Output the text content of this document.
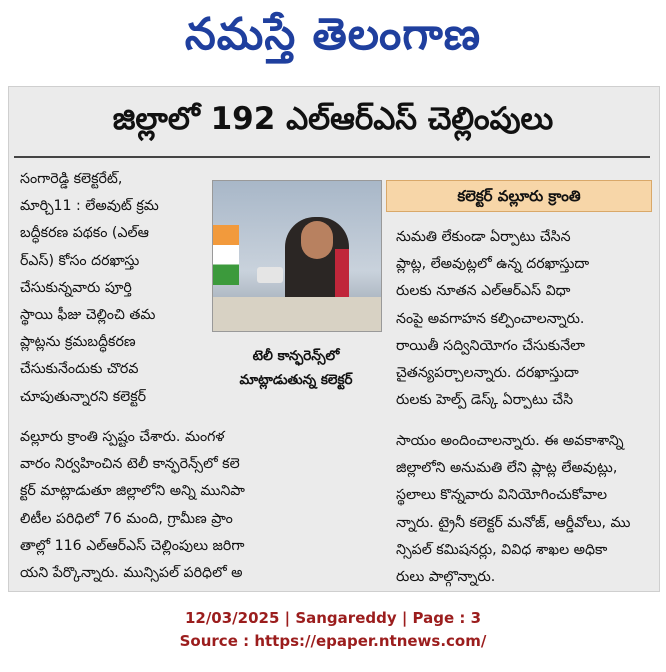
నమస్తే తెలంగాణ
జిల్లాలో 192 ఎల్ఆర్ఎస్ చెల్లింపులు
సంగారెడ్డి కలెక్టరేట్,
మార్చి11 : లేఅవుట్ క్రమ
బద్ధీకరణ పథకం (ఎల్ఆ
ర్ఎస్) కోసం దరఖాస్తు
చేసుకున్నవారు పూర్తి
స్థాయి ఫీజు చెల్లించి తమ
ప్లాట్లను క్రమబద్ధీకరణ
చేసుకునేందుకు చొరవ
చూపుతున్నారని కలెక్టర్
టెలీ కాన్ఫరెన్స్‌లో
మాట్లాడుతున్న కలెక్టర్
కలెక్టర్ వల్లూరు క్రాంతి
నుమతి లేకుండా ఏర్పాటు చేసిన
ప్లాట్ల, లేఅవుట్లలో ఉన్న దరఖాస్తుదా
రులకు నూతన ఎల్ఆర్ఎస్ విధా
నంపై అవగాహన కల్పించాలన్నారు.
రాయితీ సద్వినియోగం చేసుకునేలా
చైతన్యపర్చాలన్నారు. దరఖాస్తుదా
రులకు హెల్ప్ డెస్క్ ఏర్పాటు చేసి
వల్లూరు క్రాంతి స్పష్టం చేశారు. మంగళ
వారం నిర్వహించిన టెలీ కాన్ఫరెన్స్‌లో కలె
క్టర్ మాట్లాడుతూ జిల్లాలోని అన్ని మునిపా
లిటీల పరిధిలో 76 మంది, గ్రామీణ ప్రాం
తాల్లో 116 ఎల్ఆర్ఎస్ చెల్లింపులు జరిగా
యని పేర్కొన్నారు. మున్సిపల్ పరిధిలో అ
సాయం అందించాలన్నారు. ఈ అవకాశాన్ని
జిల్లాలోని అనుమతి లేని ప్లాట్ల లేఅవుట్లు,
స్థలాలు కొన్నవారు వినియోగించుకోవాల
న్నారు. ట్రైనీ కలెక్టర్ మనోజ్, ఆర్డీవోలు, ము
న్సిపల్ కమిషనర్లు, వివిధ శాఖల అధికా
రులు పాల్గొన్నారు.
12/03/2025 | Sangareddy | Page : 3
Source : https://epaper.ntnews.com/
